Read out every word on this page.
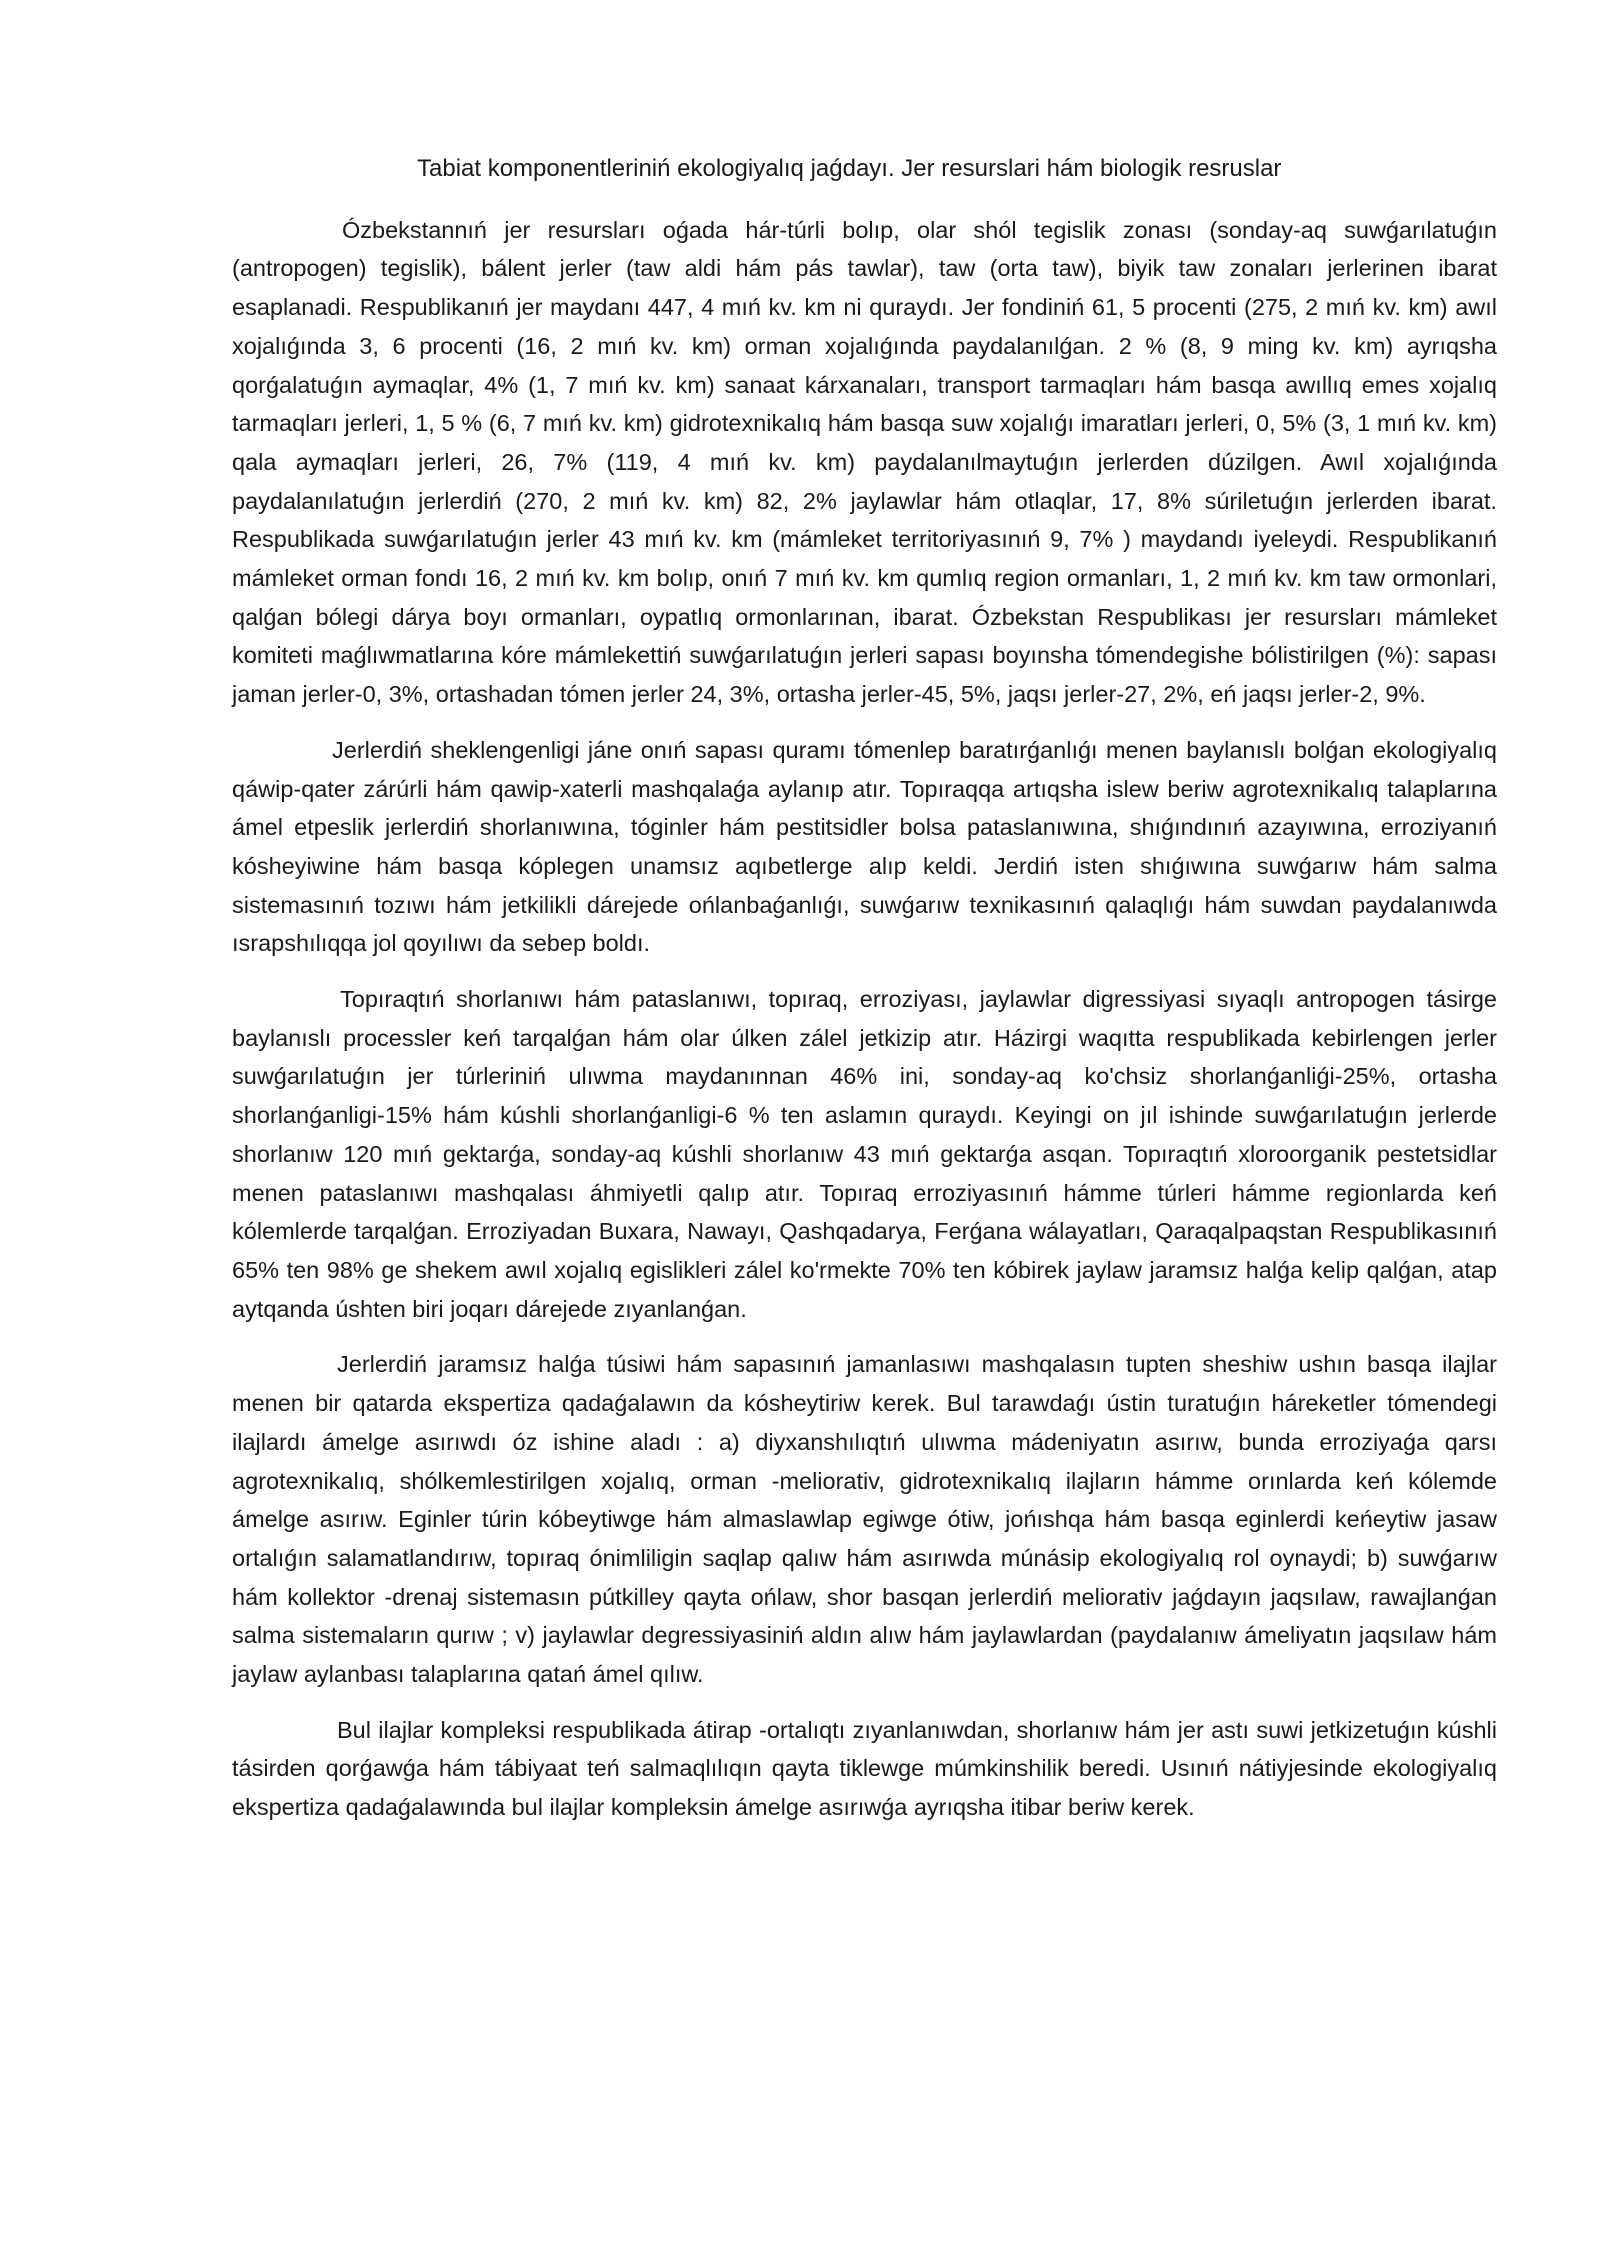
Tabiat komponentleriniń ekologiyalıq jaǵdayı. Jer resurslari hám biologik resruslar

Ózbekstannıń jer resursları oǵada hár-túrli bolıp, olar shól tegislik zonası (sonday-aq suwǵarılatuǵın (antropogen) tegislik), bálent jerler (taw aldi hám pás tawlar), taw (orta taw), biyik taw zonaları jerlerinen ibarat esaplanadi. Respublikanıń jer maydanı 447, 4 mıń kv. km ni quraydı. Jer fondiniń 61, 5 procenti (275, 2 mıń kv. km) awıl xojalıǵında 3, 6 procenti (16, 2 mıń kv. km) orman xojalıǵında paydalanılǵan. 2 % (8, 9 ming kv. km) ayrıqsha qorǵalatuǵın aymaqlar, 4% (1, 7 mıń kv. km) sanaat kárxanaları, transport tarmaqları hám basqa awıllıq emes xojalıq tarmaqları jerleri, 1, 5 % (6, 7 mıń kv. km) gidrotexnikalıq hám basqa suw xojalıǵı imaratları jerleri, 0, 5% (3, 1 mıń kv. km) qala aymaqları jerleri, 26, 7% (119, 4 mıń kv. km) paydalanılmaytuǵın jerlerden dúzilgen. Awıl xojalıǵında paydalanılatuǵın jerlerdiń (270, 2 mıń kv. km) 82, 2% jaylawlar hám otlaqlar, 17, 8% súriletuǵın jerlerden ibarat. Respublikada suwǵarılatuǵın jerler 43 mıń kv. km (mámleket territoriyasınıń 9, 7% ) maydandı iyeleydi. Respublikanıń mámleket orman fondı 16, 2 mıń kv. km bolıp, onıń 7 mıń kv. km qumlıq region ormanları, 1, 2 mıń kv. km taw ormonlari, qalǵan bólegi dárya boyı ormanları, oypatlıq ormonlarınan, ibarat. Ózbekstan Respublikası jer resursları mámleket komiteti maǵlıwmatlarına kóre mámlekettiń suwǵarılatuǵın jerleri sapası boyınsha tómendegishe bólistirilgen (%): sapası jaman jerler-0, 3%, ortashadan tómen jerler 24, 3%, ortasha jerler-45, 5%, jaqsı jerler-27, 2%, eń jaqsı jerler-2, 9%.

Jerlerdiń sheklengenligi jáne onıń sapası quramı tómenlep baratırǵanlıǵı menen baylanıslı bolǵan ekologiyalıq qáwip-qater zárúrli hám qawip-xaterli mashqalaǵa aylanıp atır. Topıraqqa artıqsha islew beriw agrotexnikalıq talaplarına ámel etpeslik jerlerdiń shorlanıwına, tóginler hám pestitsidler bolsa pataslanıwına, shıǵındınıń azayıwına, erroziyanıń kósheyiwine hám basqa kóplegen unamsız aqıbetlerge alıp keldi. Jerdiń isten shıǵıwına suwǵarıw hám salma sistemasınıń tozıwı hám jetkilikli dárejede ońlanbaǵanlıǵı, suwǵarıw texnikasınıń qalaqlıǵı hám suwdan paydalanıwda ısrapshılıqqa jol qoyılıwı da sebep boldı.

Topıraqtıń shorlanıwı hám pataslanıwı, topıraq, erroziyası, jaylawlar digressiyasi sıyaqlı antropogen tásirge baylanıslı processler keń tarqalǵan hám olar úlken zálel jetkizip atır. Házirgi waqıtta respublikada kebirlengen jerler suwǵarılatuǵın jer túrleriniń ulıwma maydanınnan 46% ini, sonday-aq ko'chsiz shorlanǵanliǵi-25%, ortasha shorlanǵanligi-15% hám kúshli shorlanǵanligi-6 % ten aslamın quraydı. Keyingi on jıl ishinde suwǵarılatuǵın jerlerde shorlanıw 120 mıń gektarǵa, sonday-aq kúshli shorlanıw 43 mıń gektarǵa asqan. Topıraqtıń xloroorganik pestetsidlar menen pataslanıwı mashqalası áhmiyetli qalıp atır. Topıraq erroziyasınıń hámme túrleri hámme regionlarda keń kólemlerde tarqalǵan. Erroziyadan Buxara, Nawayı, Qashqadarya, Ferǵana wálayatları, Qaraqalpaqstan Respublikasınıń 65% ten 98% ge shekem awıl xojalıq egislikleri zálel ko'rmekte 70% ten kóbirek jaylaw jaramsız halǵa kelip qalǵan, atap aytqanda úshten biri joqarı dárejede zıyanlanǵan.

Jerlerdiń jaramsız halǵa túsiwi hám sapasınıń jamanlasıwı mashqalasın tupten sheshiw ushın basqa ilajlar menen bir qatarda ekspertiza qadaǵalawın da kósheytiriw kerek. Bul tarawdaǵı ústin turatuǵın háreketler tómendegi ilajlardı ámelge asırıwdı óz ishine aladı : a) diyxanshılıqtıń ulıwma mádeniyatın asırıw, bunda erroziyaǵa qarsı agrotexnikalıq, shólkemlestirilgen xojalıq, orman -meliorativ, gidrotexnikalıq ilajların hámme orınlarda keń kólemde ámelge asırıw. Eginler túrin kóbeytiwge hám almaslawlap egiwge ótiw, jońıshqa hám basqa eginlerdi keńeytiw jasaw ortalıǵın salamatlandırıw, topıraq ónimliligin saqlap qalıw hám asırıwda múnásip ekologiyalıq rol oynaydi; b) suwǵarıw hám kollektor -drenaj sistemasın pútkilley qayta ońlaw, shor basqan jerlerdiń meliorativ jaǵdayın jaqsılaw, rawajlanǵan salma sistemaların qurıw ; v) jaylawlar degressiyasiniń aldın alıw hám jaylawlardan (paydalanıw ámeliyatın jaqsılaw hám jaylaw aylanbası talaplarına qatań ámel qılıw.

Bul ilajlar kompleksi respublikada átirap -ortalıqtı zıyanlanıwdan, shorlanıw hám jer astı suwi jetkizetuǵın kúshli tásirden qorǵawǵa hám tábiyaat teń salmaqlılıqın qayta tiklewge múmkinshilik beredi. Usınıń nátiyjesinde ekologiyalıq ekspertiza qadaǵalawında bul ilajlar kompleksin ámelge asırıwǵa ayrıqsha itibar beriw kerek.
